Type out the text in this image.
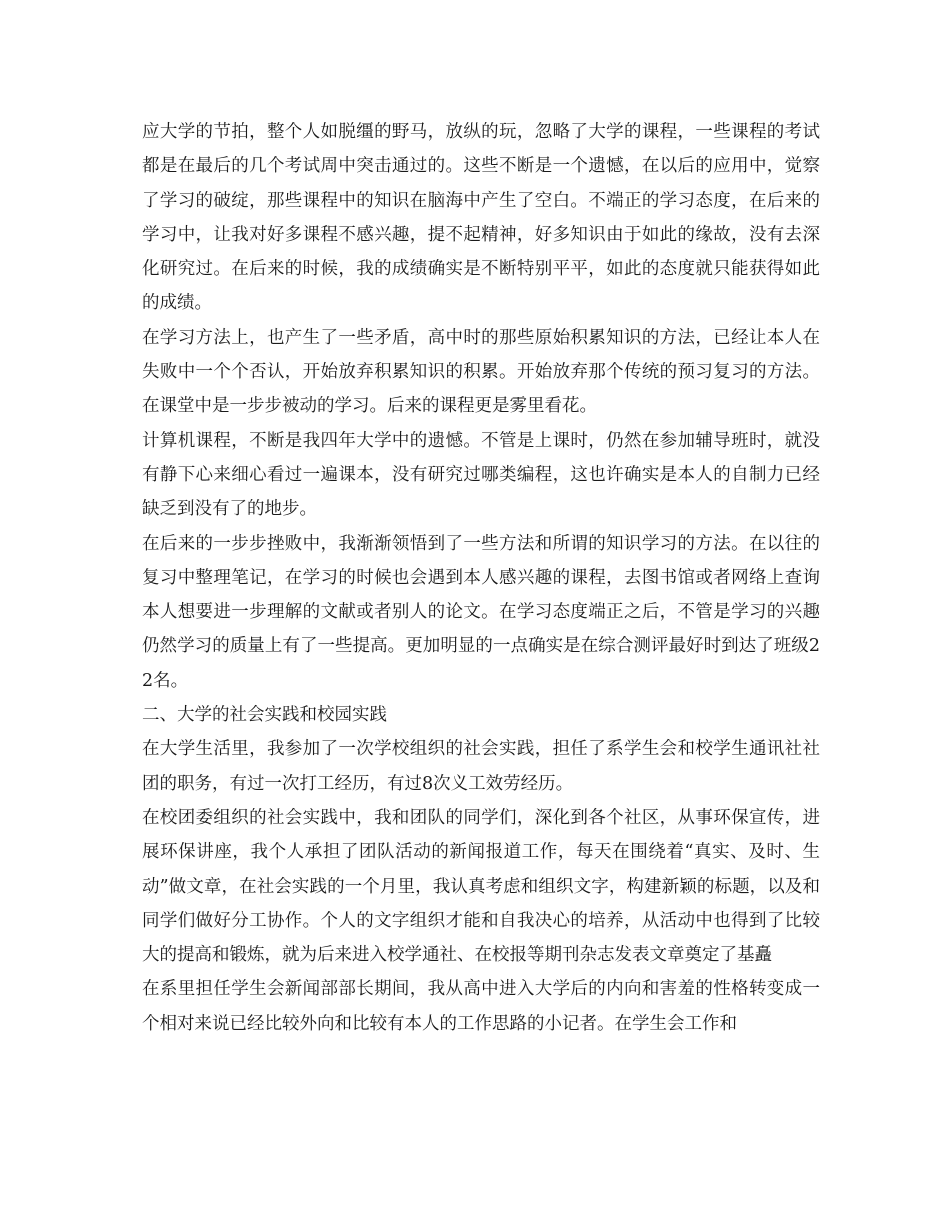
应大学的节拍，整个人如脱缰的野马，放纵的玩，忽略了大学的课程，一些课程的考试都是在最后的几个考试周中突击通过的。这些不断是一个遗憾，在以后的应用中，觉察了学习的破绽，那些课程中的知识在脑海中产生了空白。不端正的学习态度，在后来的学习中，让我对好多课程不感兴趣，提不起精神，好多知识由于如此的缘故，没有去深化研究过。在后来的时候，我的成绩确实是不断特别平平，如此的态度就只能获得如此的成绩。

在学习方法上，也产生了一些矛盾，高中时的那些原始积累知识的方法，已经让本人在失败中一个个否认，开始放弃积累知识的积累。开始放弃那个传统的预习复习的方法。在课堂中是一步步被动的学习。后来的课程更是雾里看花。

计算机课程，不断是我四年大学中的遗憾。不管是上课时，仍然在参加辅导班时，就没有静下心来细心看过一遍课本，没有研究过哪类编程，这也许确实是本人的自制力已经缺乏到没有了的地步。

在后来的一步步挫败中，我渐渐领悟到了一些方法和所谓的知识学习的方法。在以往的复习中整理笔记，在学习的时候也会遇到本人感兴趣的课程，去图书馆或者网络上查询本人想要进一步理解的文献或者别人的论文。在学习态度端正之后，不管是学习的兴趣仍然学习的质量上有了一些提高。更加明显的一点确实是在综合测评最好时到达了班级22名。

二、大学的社会实践和校园实践

在大学生活里，我参加了一次学校组织的社会实践，担任了系学生会和校学生通讯社社团的职务，有过一次打工经历，有过8次义工效劳经历。

在校团委组织的社会实践中，我和团队的同学们，深化到各个社区，从事环保宣传，进展环保讲座，我个人承担了团队活动的新闻报道工作，每天在围绕着“真实、及时、生动”做文章，在社会实践的一个月里，我认真考虑和组织文字，构建新颖的标题，以及和同学们做好分工协作。个人的文字组织才能和自我决心的培养，从活动中也得到了比较大的提高和锻炼，就为后来进入校学通社、在校报等期刊杂志发表文章奠定了基矗

在系里担任学生会新闻部部长期间，我从高中进入大学后的内向和害羞的性格转变成一个相对来说已经比较外向和比较有本人的工作思路的小记者。在学生会工作和
